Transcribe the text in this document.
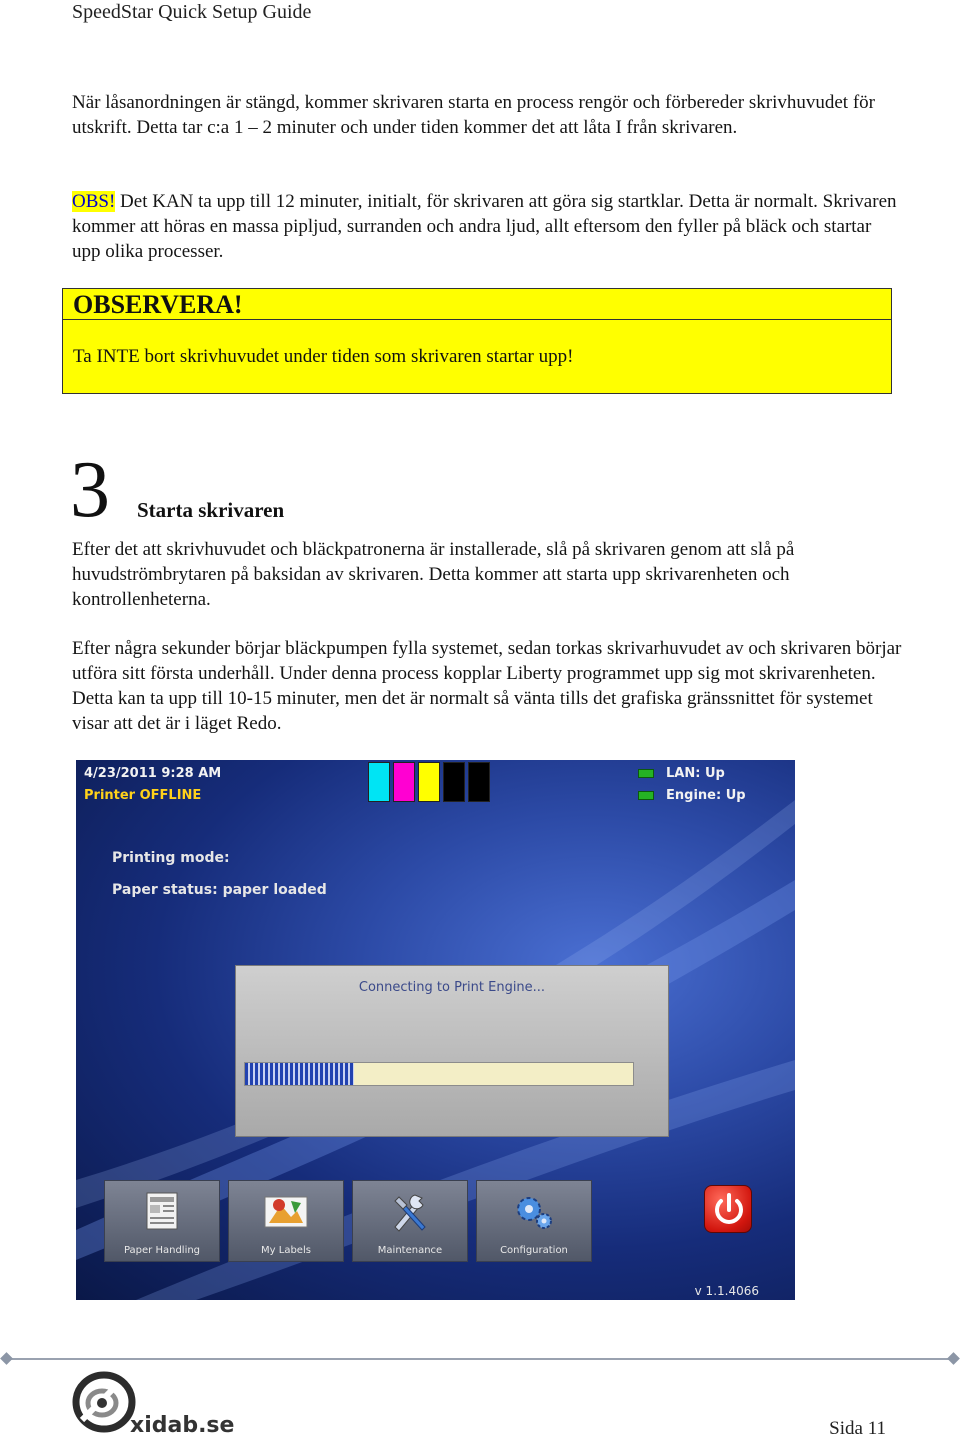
SpeedStar Quick Setup Guide

När låsanordningen är stängd, kommer skrivaren starta en process rengör och förbereder skrivhuvudet för utskrift. Detta tar c:a 1 – 2 minuter och under tiden kommer det att låta I från skrivaren.

OBS! Det KAN ta upp till 12 minuter, initialt, för skrivaren att göra sig startklar. Detta är normalt. Skrivaren kommer att höras en massa pipljud, surranden och andra ljud, allt eftersom den fyller på bläck och startar upp olika processer.

OBSERVERA!
Ta INTE bort skrivhuvudet under tiden som skrivaren startar upp!
3 Starta skrivaren

Efter det att skrivhuvudet och bläckpatronerna är installerade, slå på skrivaren genom att slå på huvudströmbrytaren på baksidan av skrivaren. Detta kommer att starta upp skrivarenheten och kontrollenheterna.

Efter några sekunder börjar bläckpumpen fylla systemet, sedan torkas skrivarhuvudet av och skrivaren börjar utföra sitt första underhåll. Under denna process kopplar Liberty programmet upp sig mot skrivarenheten. Detta kan ta upp till 10-15 minuter, men det är normalt så vänta tills det grafiska gränssnittet för systemet visar att det är i läget Redo.

4/23/2011 9:28 AM
Printer OFFLINE
LAN: Up
Engine: Up
Printing mode:
Paper status: paper loaded
Connecting to Print Engine...
Paper Handling	My Labels	Maintenance	Configuration
v 1.1.4066
xidab.se	Sida 11
